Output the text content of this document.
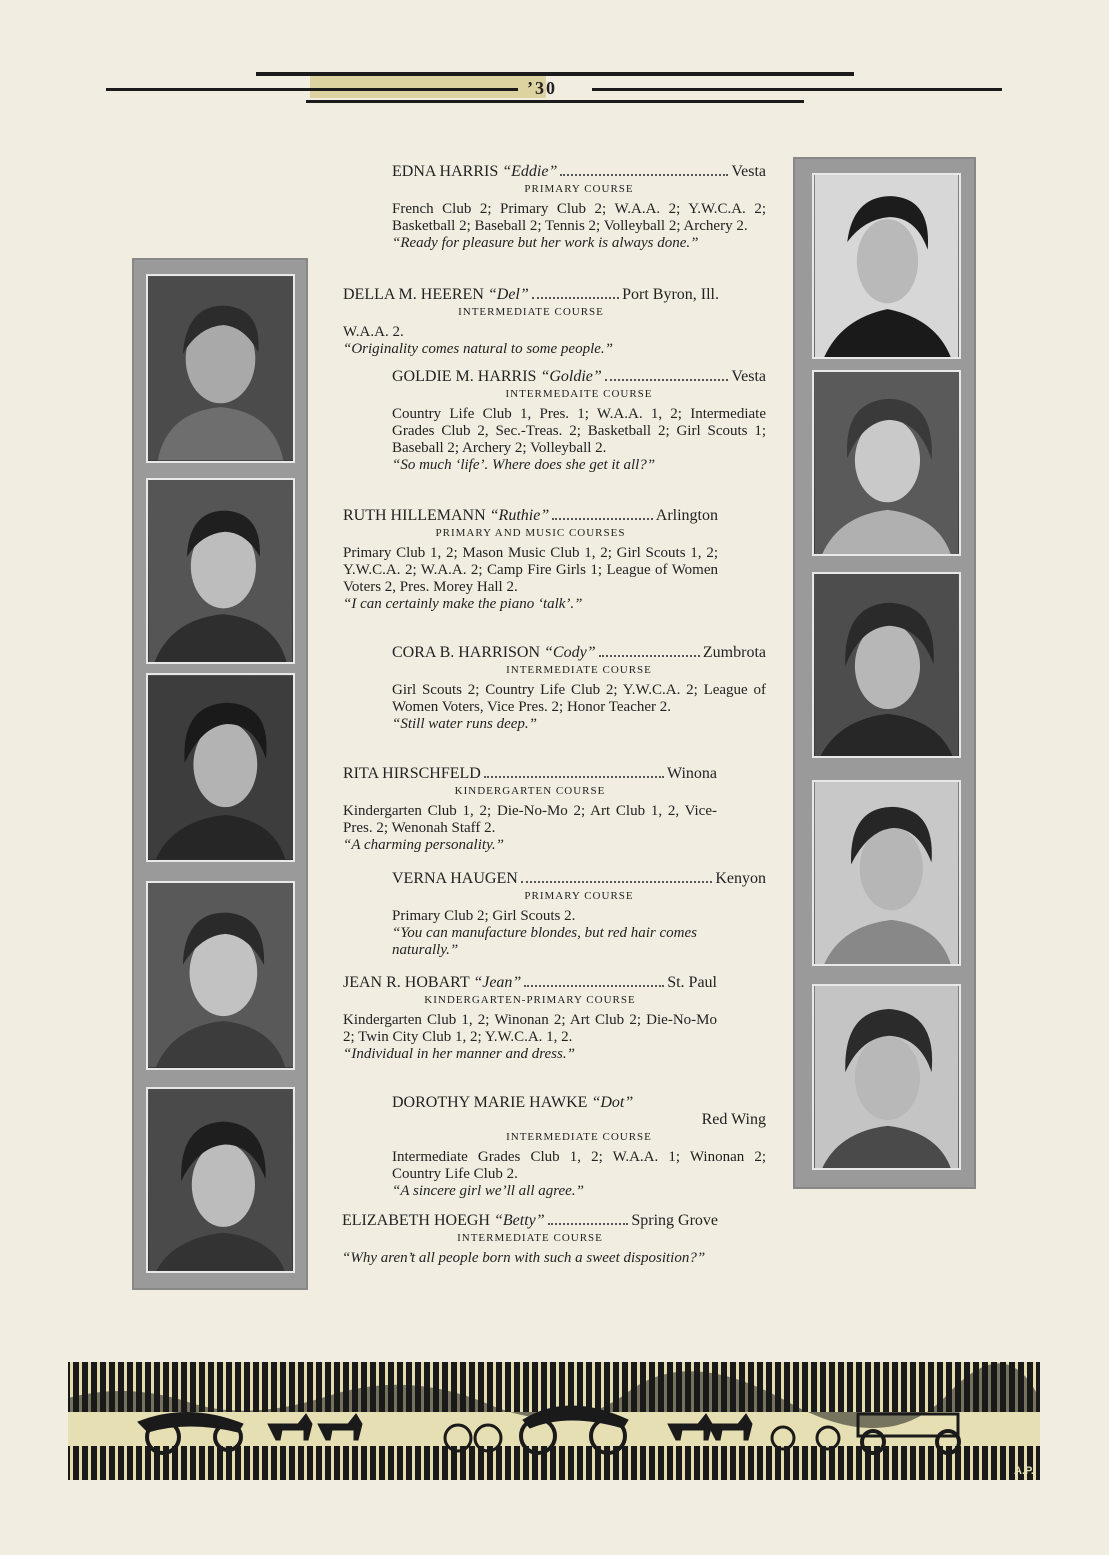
’30
EDNA HARRIS “Eddie”	Vesta
PRIMARY COURSE
French Club 2; Primary Club 2; W.A.A. 2; Y.W.C.A. 2; Basketball 2; Baseball 2; Tennis 2; Volleyball 2; Archery 2.
“Ready for pleasure but her work is always done.”
DELLA M. HEEREN “Del”	Port Byron, Ill.
INTERMEDIATE COURSE
W.A.A. 2.
“Originality comes natural to some people.”
GOLDIE M. HARRIS “Goldie”	Vesta
INTERMEDAITE COURSE
Country Life Club 1, Pres. 1; W.A.A. 1, 2; Intermediate Grades Club 2, Sec.-Treas. 2; Basketball 2; Girl Scouts 1; Baseball 2; Archery 2; Volleyball 2.
“So much ‘life’. Where does she get it all?”
RUTH HILLEMANN “Ruthie”	Arlington
PRIMARY AND MUSIC COURSES
Primary Club 1, 2; Mason Music Club 1, 2; Girl Scouts 1, 2; Y.W.C.A. 2; W.A.A. 2; Camp Fire Girls 1; League of Women Voters 2, Pres. Morey Hall 2.
“I can certainly make the piano ‘talk’.”
CORA B. HARRISON “Cody”	Zumbrota
INTERMEDIATE COURSE
Girl Scouts 2; Country Life Club 2; Y.W.C.A. 2; League of Women Voters, Vice Pres. 2; Honor Teacher 2.
“Still water runs deep.”
RITA HIRSCHFELD	Winona
KINDERGARTEN COURSE
Kindergarten Club 1, 2; Die-No-Mo 2; Art Club 1, 2, Vice-Pres. 2; Wenonah Staff 2.
“A charming personality.”
VERNA HAUGEN	Kenyon
PRIMARY COURSE
Primary Club 2; Girl Scouts 2.
“You can manufacture blondes, but red hair comes naturally.”
JEAN R. HOBART “Jean”	St. Paul
KINDERGARTEN-PRIMARY COURSE
Kindergarten Club 1, 2; Winonan 2; Art Club 2; Die-No-Mo 2; Twin City Club 1, 2; Y.W.C.A. 1, 2.
“Individual in her manner and dress.”
DOROTHY MARIE HAWKE “Dot”
Red Wing
INTERMEDIATE COURSE
Intermediate Grades Club 1, 2; W.A.A. 1; Winonan 2; Country Life Club 2.
“A sincere girl we’ll all agree.”
ELIZABETH HOEGH “Betty”	Spring Grove
INTERMEDIATE COURSE
“Why aren’t all people born with such a sweet disposition?”
A.P.
